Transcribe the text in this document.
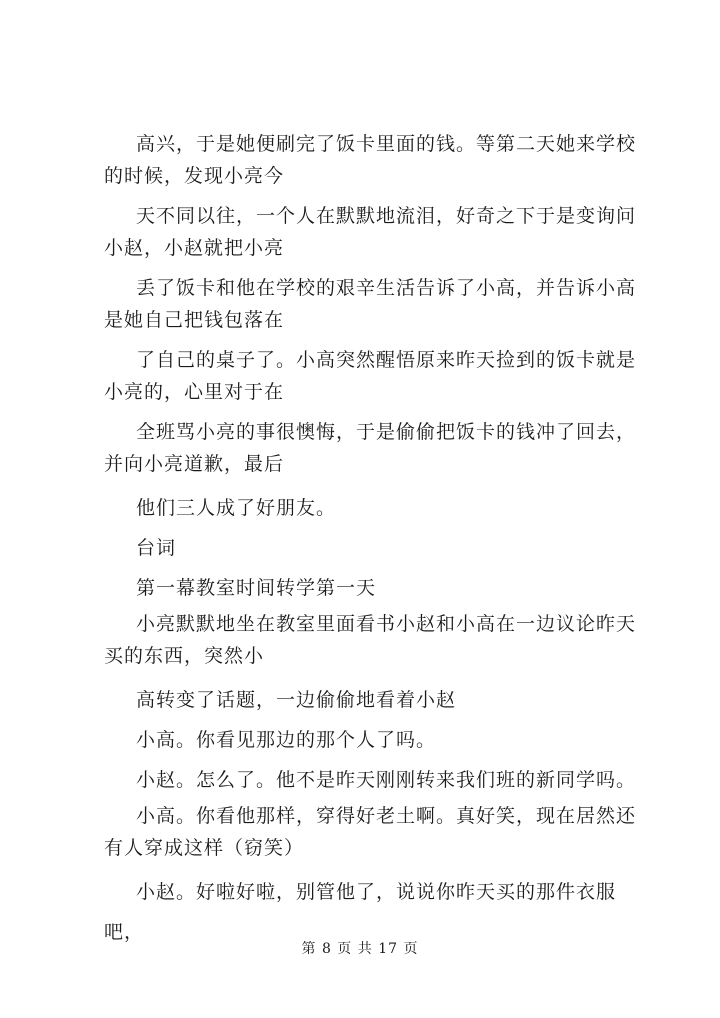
高兴，于是她便刷完了饭卡里面的钱。等第二天她来学校的时候，发现小亮今

天不同以往，一个人在默默地流泪，好奇之下于是变询问小赵，小赵就把小亮

丢了饭卡和他在学校的艰辛生活告诉了小高，并告诉小高是她自己把钱包落在

了自己的桌子了。小高突然醒悟原来昨天捡到的饭卡就是小亮的，心里对于在

全班骂小亮的事很懊悔，于是偷偷把饭卡的钱冲了回去，并向小亮道歉，最后

他们三人成了好朋友。

台词

第一幕教室时间转学第一天

小亮默默地坐在教室里面看书小赵和小高在一边议论昨天买的东西，突然小

高转变了话题，一边偷偷地看着小赵

小高。你看见那边的那个人了吗。

小赵。怎么了。他不是昨天刚刚转来我们班的新同学吗。

小高。你看他那样，穿得好老土啊。真好笑，现在居然还有人穿成这样（窃笑）

小赵。好啦好啦，别管他了，说说你昨天买的那件衣服吧，

第 8 页 共 17 页
